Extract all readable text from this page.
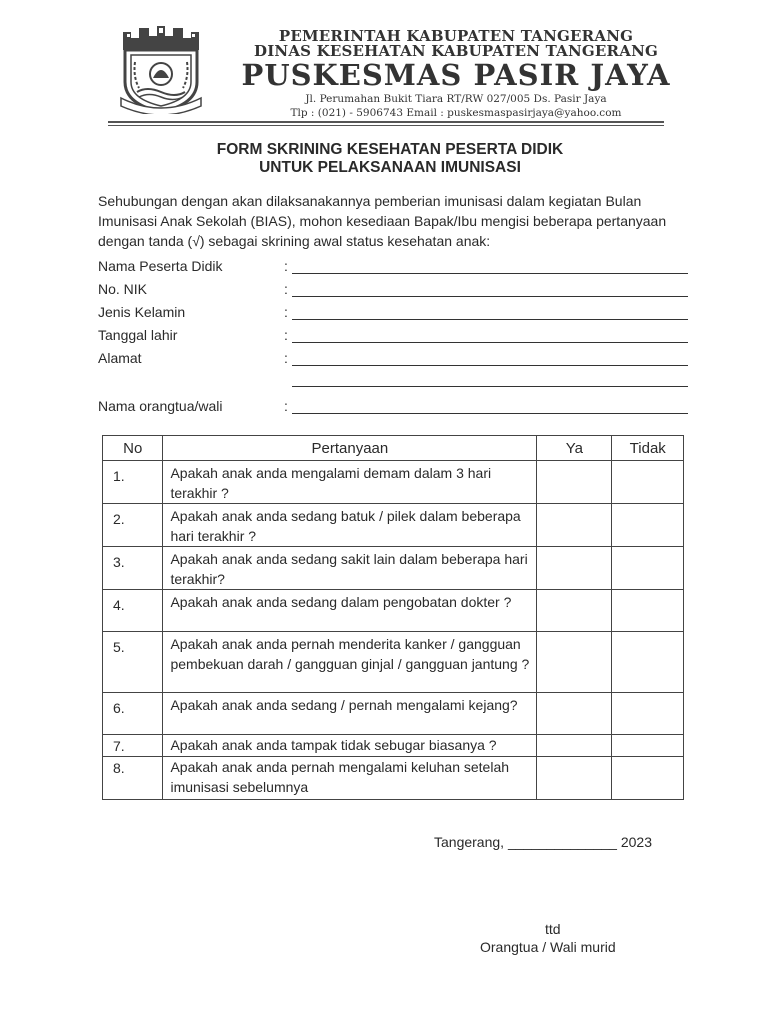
PEMERINTAH KABUPATEN TANGERANG
DINAS KESEHATAN KABUPATEN TANGERANG
PUSKESMAS PASIR JAYA
Jl. Perumahan Bukit Tiara RT/RW 027/005 Ds. Pasir Jaya
Tlp : (021) - 5906743 Email : puskesmaspasirjaya@yahoo.com
FORM SKRINING KESEHATAN PESERTA DIDIK
UNTUK PELAKSANAAN IMUNISASI
Sehubungan dengan akan dilaksanakannya pemberian imunisasi dalam kegiatan Bulan Imunisasi Anak Sekolah (BIAS), mohon kesediaan Bapak/Ibu mengisi beberapa pertanyaan dengan tanda (√) sebagai skrining awal status kesehatan anak:
Nama Peserta Didik	:
No. NIK	:
Jenis Kelamin	:
Tanggal lahir	:
Alamat	:
Nama orangtua/wali	:
No	Pertanyaan	Ya	Tidak
1.	Apakah anak anda mengalami demam dalam 3 hari terakhir ?		
2.	Apakah anak anda sedang batuk / pilek dalam beberapa hari terakhir ?		
3.	Apakah anak anda sedang sakit lain dalam beberapa hari terakhir?		
4.	Apakah anak anda sedang dalam pengobatan dokter ?		
5.	Apakah anak anda pernah menderita kanker / gangguan pembekuan darah / gangguan ginjal / gangguan jantung ?		
6.	Apakah anak anda sedang / pernah mengalami kejang?		
7.	Apakah anak anda tampak tidak sebugar biasanya ?		
8.	Apakah anak anda pernah mengalami keluhan setelah imunisasi sebelumnya		
Tangerang, ______________ 2023
ttd
Orangtua / Wali murid
